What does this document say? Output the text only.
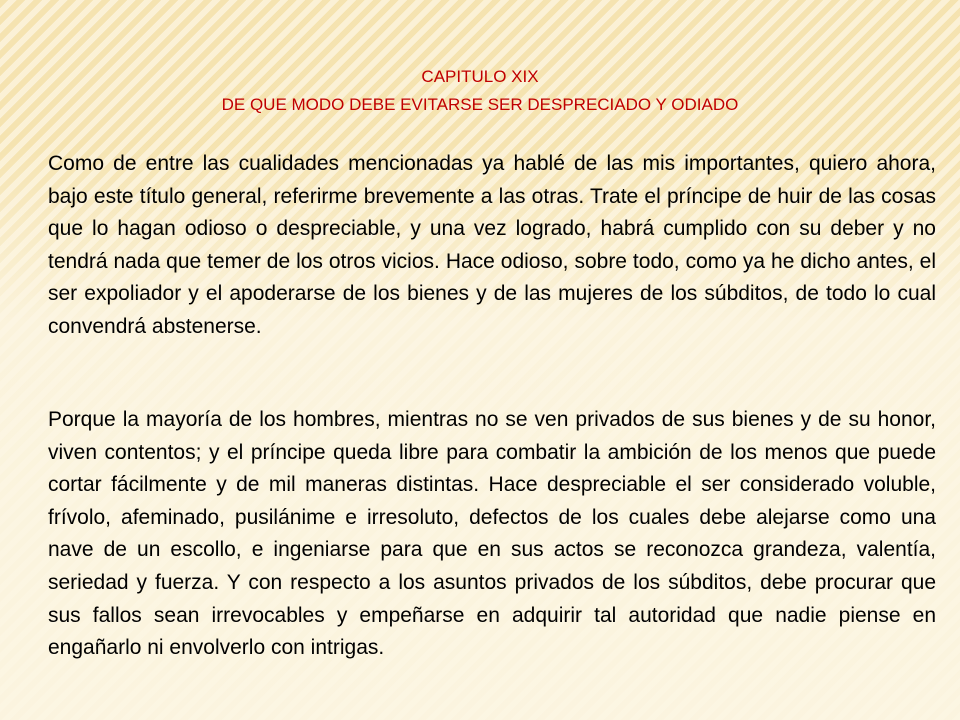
CAPITULO XIX
DE QUE MODO DEBE EVITARSE SER DESPRECIADO Y ODIADO

Como de entre las cualidades mencionadas ya hablé de las mis importantes, quiero ahora, bajo este título general, referirme brevemente a las otras. Trate el príncipe de huir de las cosas que lo hagan odioso o despreciable, y una vez logrado, habrá cumplido con su deber y no tendrá nada que temer de los otros vicios. Hace odioso, sobre todo, como ya he dicho antes, el ser expoliador y el apoderarse de los bienes y de las mujeres de los súbditos, de todo lo cual convendrá abstenerse.

Porque la mayoría de los hombres, mientras no se ven privados de sus bienes y de su honor, viven contentos; y el príncipe queda libre para combatir la ambición de los menos que puede cortar fácilmente y de mil maneras distintas. Hace despreciable el ser considerado voluble, frívolo, afeminado, pusilánime e irresoluto, defectos de los cuales debe alejarse como una nave de un escollo, e ingeniarse para que en sus actos se reconozca grandeza, valentía, seriedad y fuerza. Y con respecto a los asuntos privados de los súbditos, debe procurar que sus fallos sean irrevocables y empeñarse en adquirir tal autoridad que nadie piense en engañarlo ni envolverlo con intrigas.
